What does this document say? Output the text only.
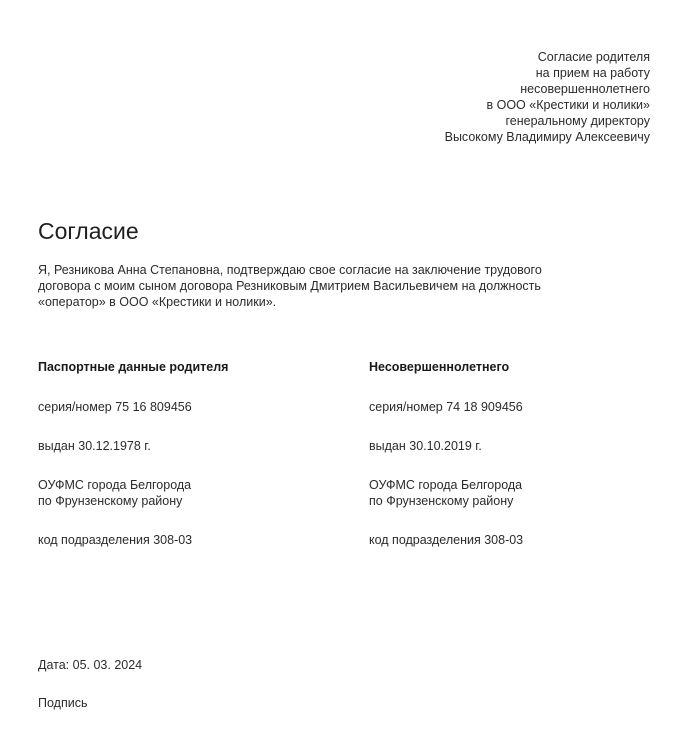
Согласие родителя
на прием на работу
несовершеннолетнего
в ООО «Крестики и нолики»
генеральному директору
Высокому Владимиру Алексеевичу
Согласие
Я, Резникова Анна Степановна, подтверждаю свое согласие на заключение трудового
договора с моим сыном договора Резниковым Дмитрием Васильевичем на должность
«оператор» в ООО «Крестики и нолики».
Паспортные данные родителя
серия/номер 75 16 809456
выдан 30.12.1978 г.
ОУФМС города Белгорода
по Фрунзенскому району
код подразделения 308-03
Несовершеннолетнего
серия/номер 74 18 909456
выдан 30.10.2019 г.
ОУФМС города Белгорода
по Фрунзенскому району
код подразделения 308-03
Дата: 05. 03. 2024
Подпись
